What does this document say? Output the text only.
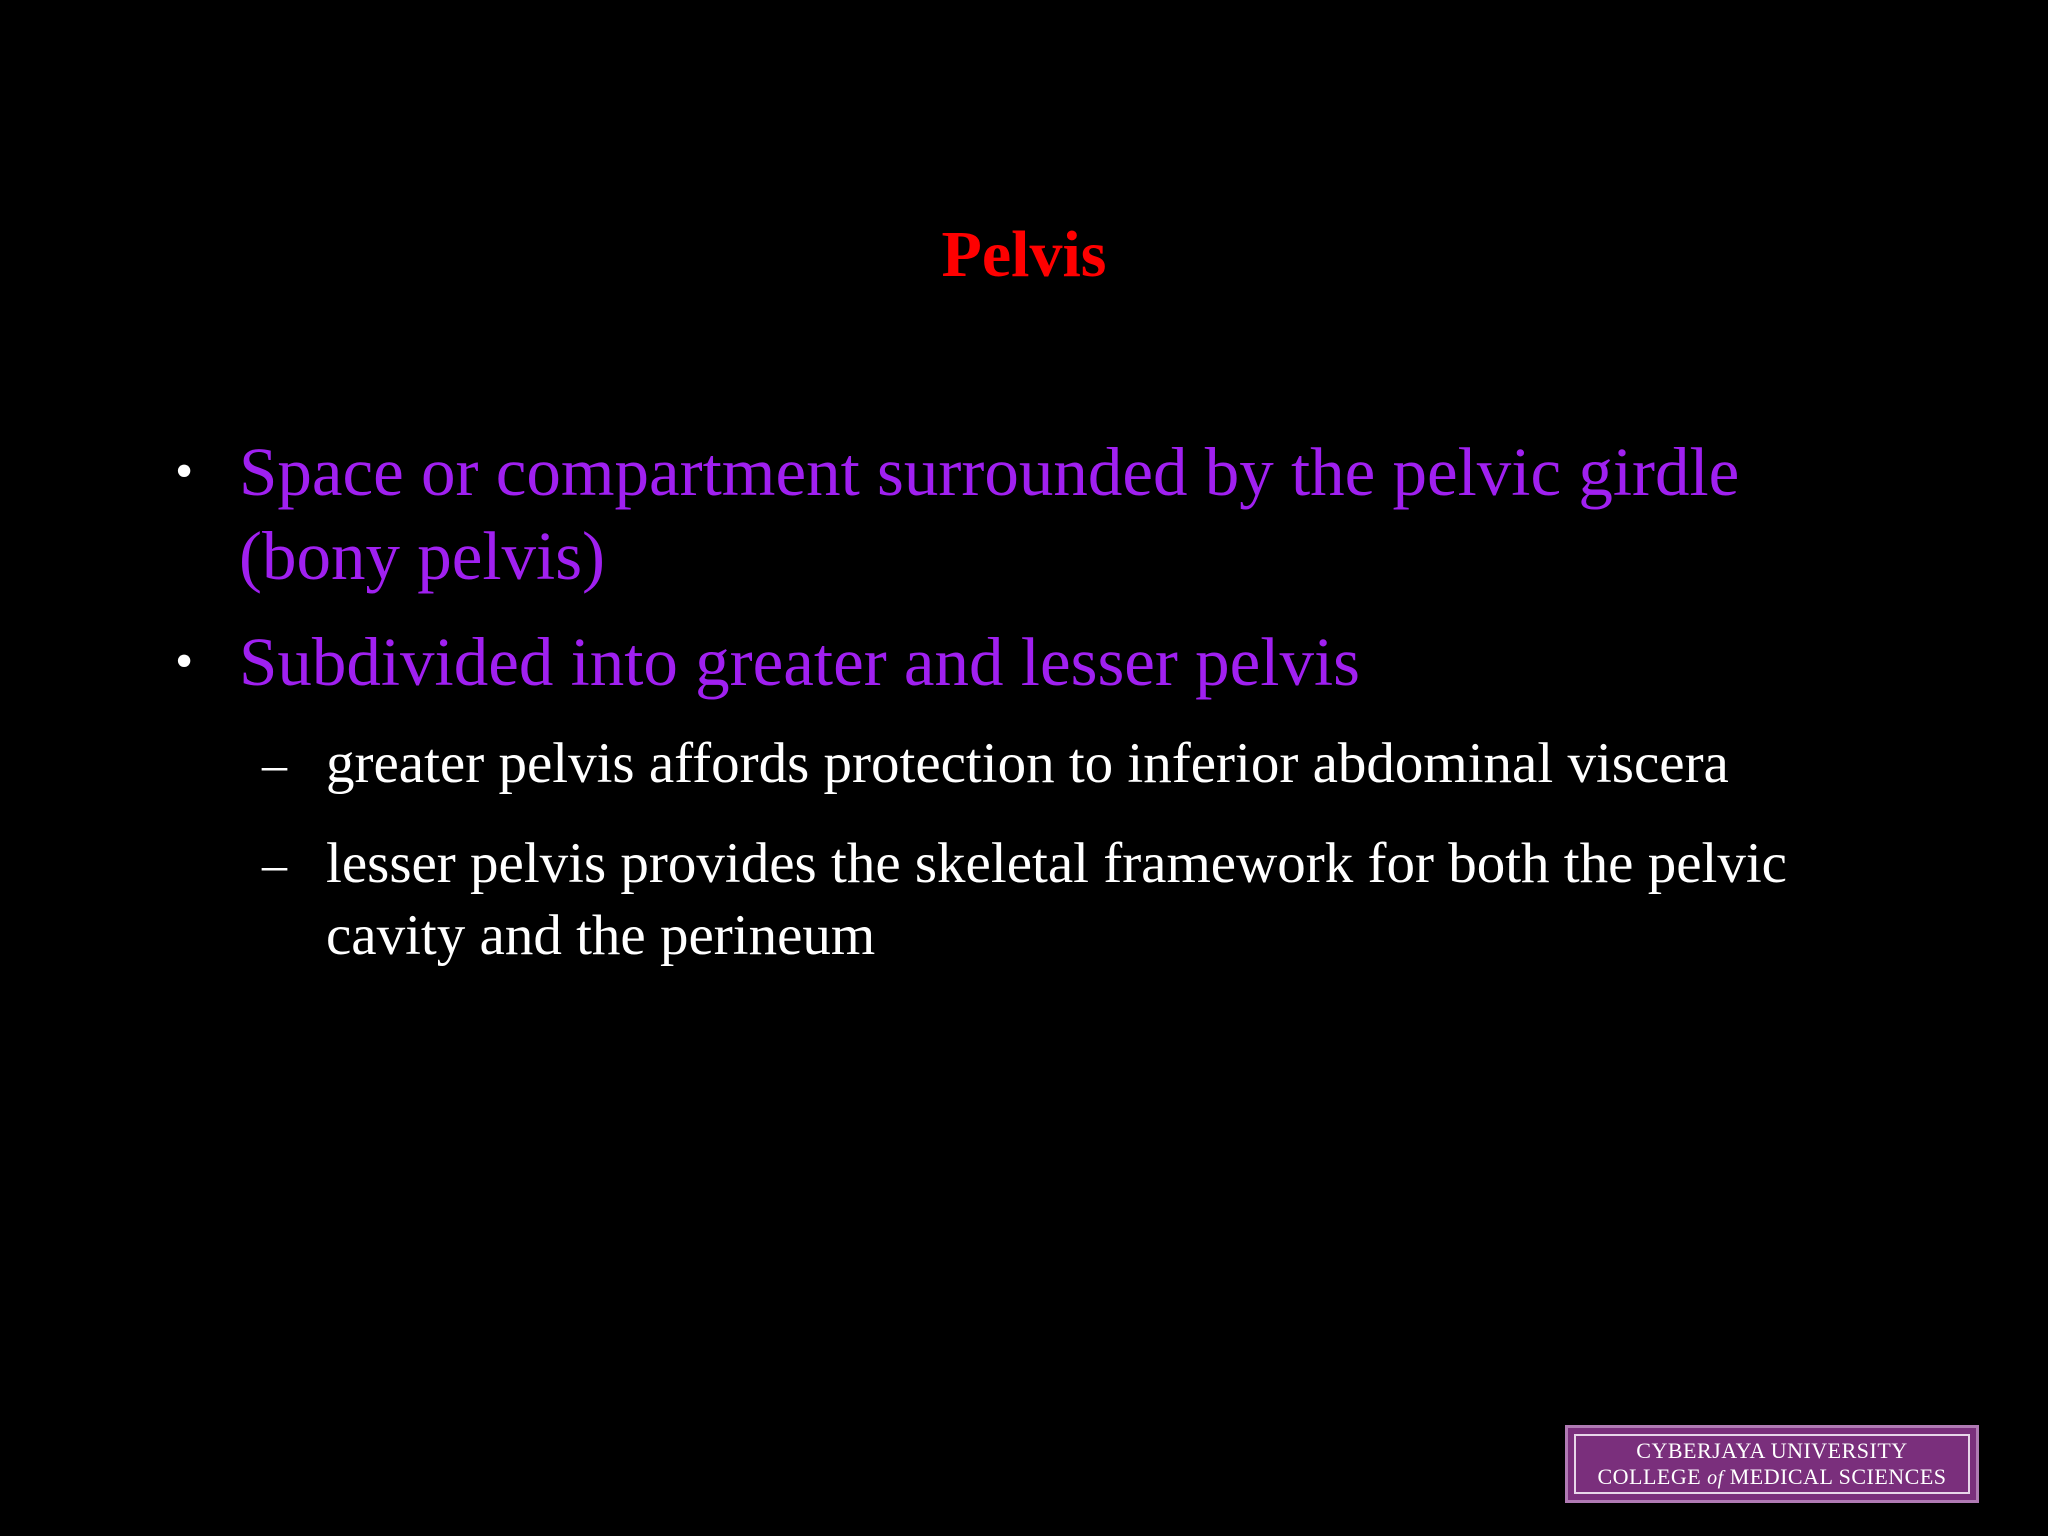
Pelvis
• Space or compartment surrounded by the pelvic girdle (bony pelvis)
• Subdivided into greater and lesser pelvis
– greater pelvis affords protection to inferior abdominal viscera
– lesser pelvis provides the skeletal framework for both the pelvic cavity and the perineum
CYBERJAYA UNIVERSITY
COLLEGE of MEDICAL SCIENCES
